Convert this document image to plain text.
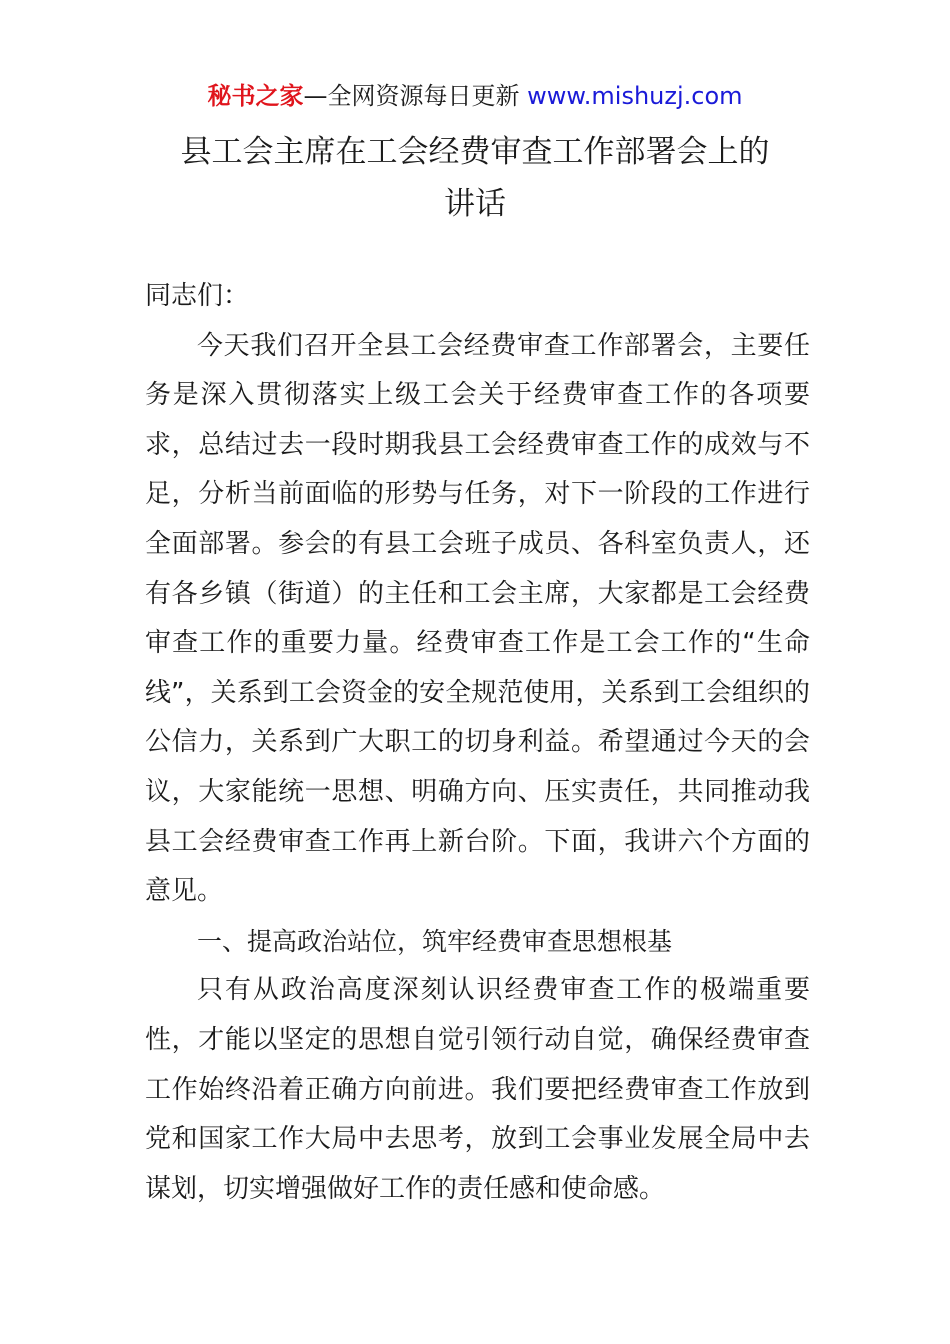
秘书之家—全网资源每日更新 www.mishuzj.com
县工会主席在工会经费审查工作部署会上的
讲话

同志们：

今天我们召开全县工会经费审查工作部署会，主要任务是深入贯彻落实上级工会关于经费审查工作的各项要求，总结过去一段时期我县工会经费审查工作的成效与不足，分析当前面临的形势与任务，对下一阶段的工作进行全面部署。参会的有县工会班子成员、各科室负责人，还有各乡镇（街道）的主任和工会主席，大家都是工会经费审查工作的重要力量。经费审查工作是工会工作的“生命线”，关系到工会资金的安全规范使用，关系到工会组织的公信力，关系到广大职工的切身利益。希望通过今天的会议，大家能统一思想、明确方向、压实责任，共同推动我县工会经费审查工作再上新台阶。下面，我讲六个方面的意见。

一、提高政治站位，筑牢经费审查思想根基

只有从政治高度深刻认识经费审查工作的极端重要性，才能以坚定的思想自觉引领行动自觉，确保经费审查工作始终沿着正确方向前进。我们要把经费审查工作放到党和国家工作大局中去思考，放到工会事业发展全局中去谋划，切实增强做好工作的责任感和使命感。
